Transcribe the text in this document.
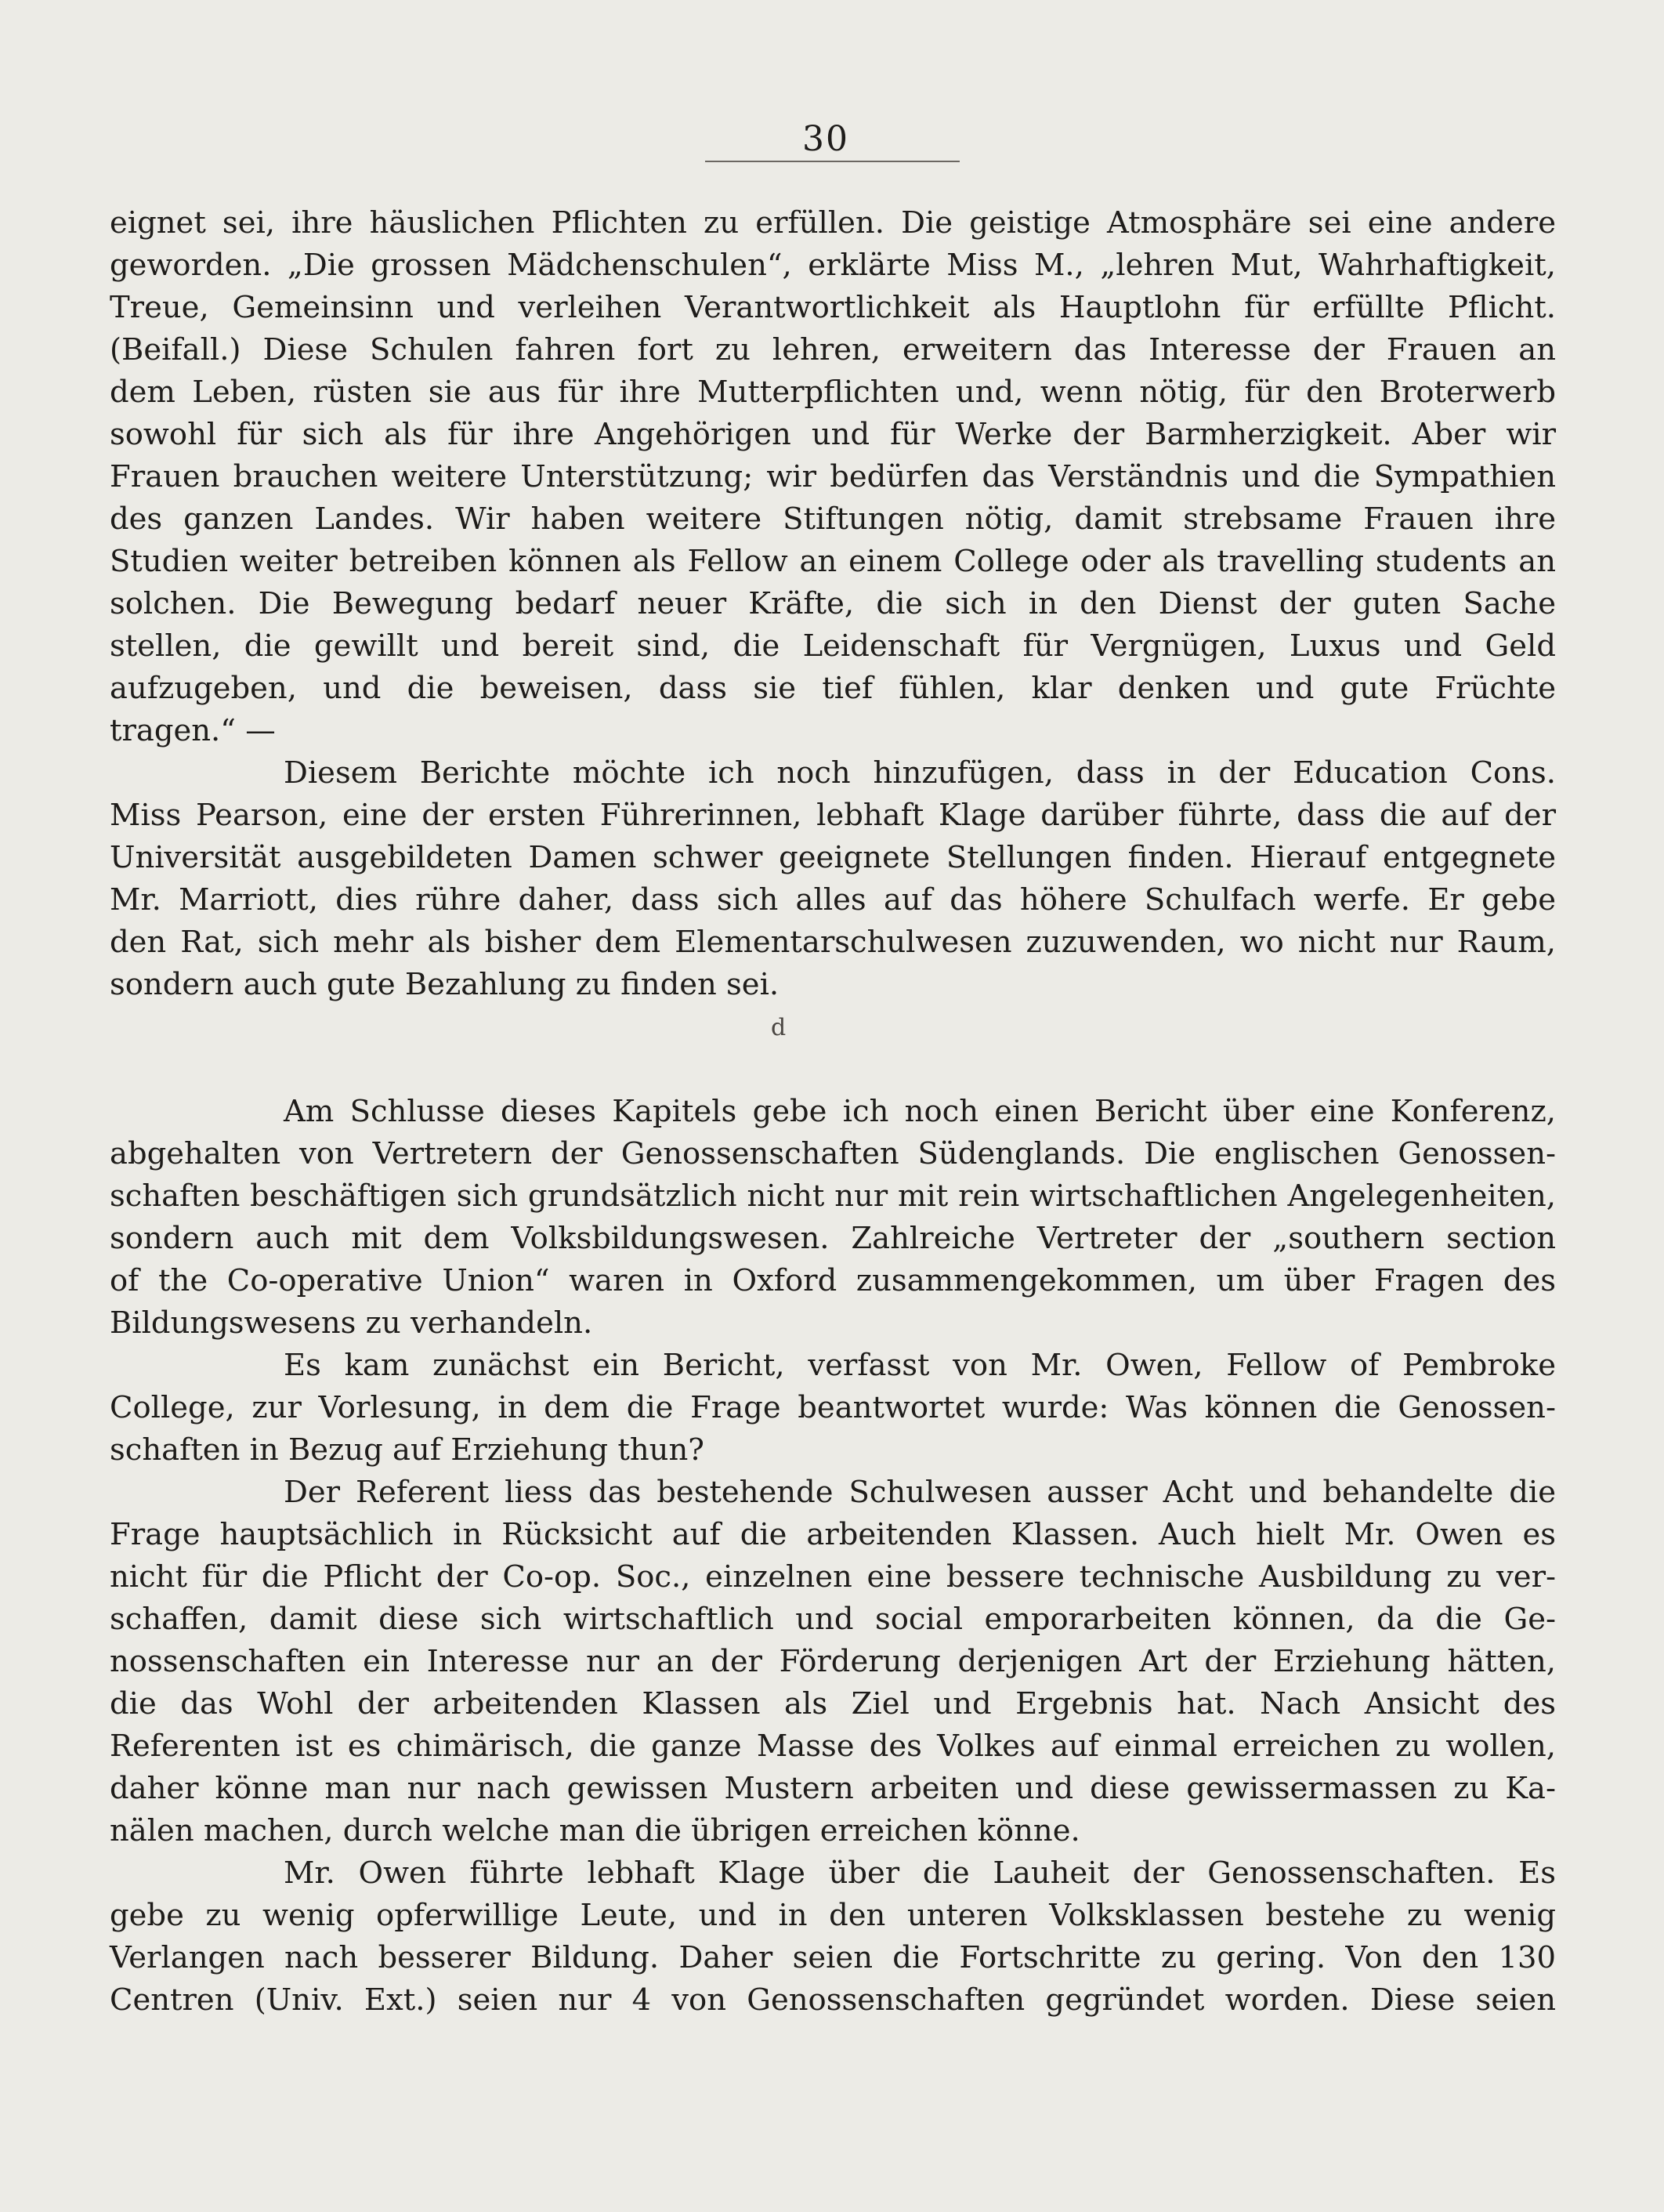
30
eignet sei, ihre häuslichen Pflichten zu erfüllen. Die geistige Atmosphäre sei eine andere
geworden. „Die grossen Mädchenschulen“, erklärte Miss M., „lehren Mut, Wahrhaftigkeit,
Treue, Gemeinsinn und verleihen Verantwortlichkeit als Hauptlohn für erfüllte Pflicht.
(Beifall.) Diese Schulen fahren fort zu lehren, erweitern das Interesse der Frauen an
dem Leben, rüsten sie aus für ihre Mutterpflichten und, wenn nötig, für den Broterwerb
sowohl für sich als für ihre Angehörigen und für Werke der Barmherzigkeit. Aber wir
Frauen brauchen weitere Unterstützung; wir bedürfen das Verständnis und die Sympathien
des ganzen Landes. Wir haben weitere Stiftungen nötig, damit strebsame Frauen ihre
Studien weiter betreiben können als Fellow an einem College oder als travelling students an
solchen. Die Bewegung bedarf neuer Kräfte, die sich in den Dienst der guten Sache
stellen, die gewillt und bereit sind, die Leidenschaft für Vergnügen, Luxus und Geld
aufzugeben, und die beweisen, dass sie tief fühlen, klar denken und gute Früchte
tragen.“ —
Diesem Berichte möchte ich noch hinzufügen, dass in der Education Cons.
Miss Pearson, eine der ersten Führerinnen, lebhaft Klage darüber führte, dass die auf der
Universität ausgebildeten Damen schwer geeignete Stellungen finden. Hierauf entgegnete
Mr. Marriott, dies rühre daher, dass sich alles auf das höhere Schulfach werfe. Er gebe
den Rat, sich mehr als bisher dem Elementarschulwesen zuzuwenden, wo nicht nur Raum,
sondern auch gute Bezahlung zu finden sei.
d
Am Schlusse dieses Kapitels gebe ich noch einen Bericht über eine Konferenz,
abgehalten von Vertretern der Genossenschaften Südenglands. Die englischen Genossen-
schaften beschäftigen sich grundsätzlich nicht nur mit rein wirtschaftlichen Angelegenheiten,
sondern auch mit dem Volksbildungswesen. Zahlreiche Vertreter der „southern section
of the Co-operative Union“ waren in Oxford zusammengekommen, um über Fragen des
Bildungswesens zu verhandeln.
Es kam zunächst ein Bericht, verfasst von Mr. Owen, Fellow of Pembroke
College, zur Vorlesung, in dem die Frage beantwortet wurde: Was können die Genossen-
schaften in Bezug auf Erziehung thun?
Der Referent liess das bestehende Schulwesen ausser Acht und behandelte die
Frage hauptsächlich in Rücksicht auf die arbeitenden Klassen. Auch hielt Mr. Owen es
nicht für die Pflicht der Co-op. Soc., einzelnen eine bessere technische Ausbildung zu ver-
schaffen, damit diese sich wirtschaftlich und social emporarbeiten können, da die Ge-
nossenschaften ein Interesse nur an der Förderung derjenigen Art der Erziehung hätten,
die das Wohl der arbeitenden Klassen als Ziel und Ergebnis hat. Nach Ansicht des
Referenten ist es chimärisch, die ganze Masse des Volkes auf einmal erreichen zu wollen,
daher könne man nur nach gewissen Mustern arbeiten und diese gewissermassen zu Ka-
nälen machen, durch welche man die übrigen erreichen könne.
Mr. Owen führte lebhaft Klage über die Lauheit der Genossenschaften. Es
gebe zu wenig opferwillige Leute, und in den unteren Volksklassen bestehe zu wenig
Verlangen nach besserer Bildung. Daher seien die Fortschritte zu gering. Von den 130
Centren (Univ. Ext.) seien nur 4 von Genossenschaften gegründet worden. Diese seien
